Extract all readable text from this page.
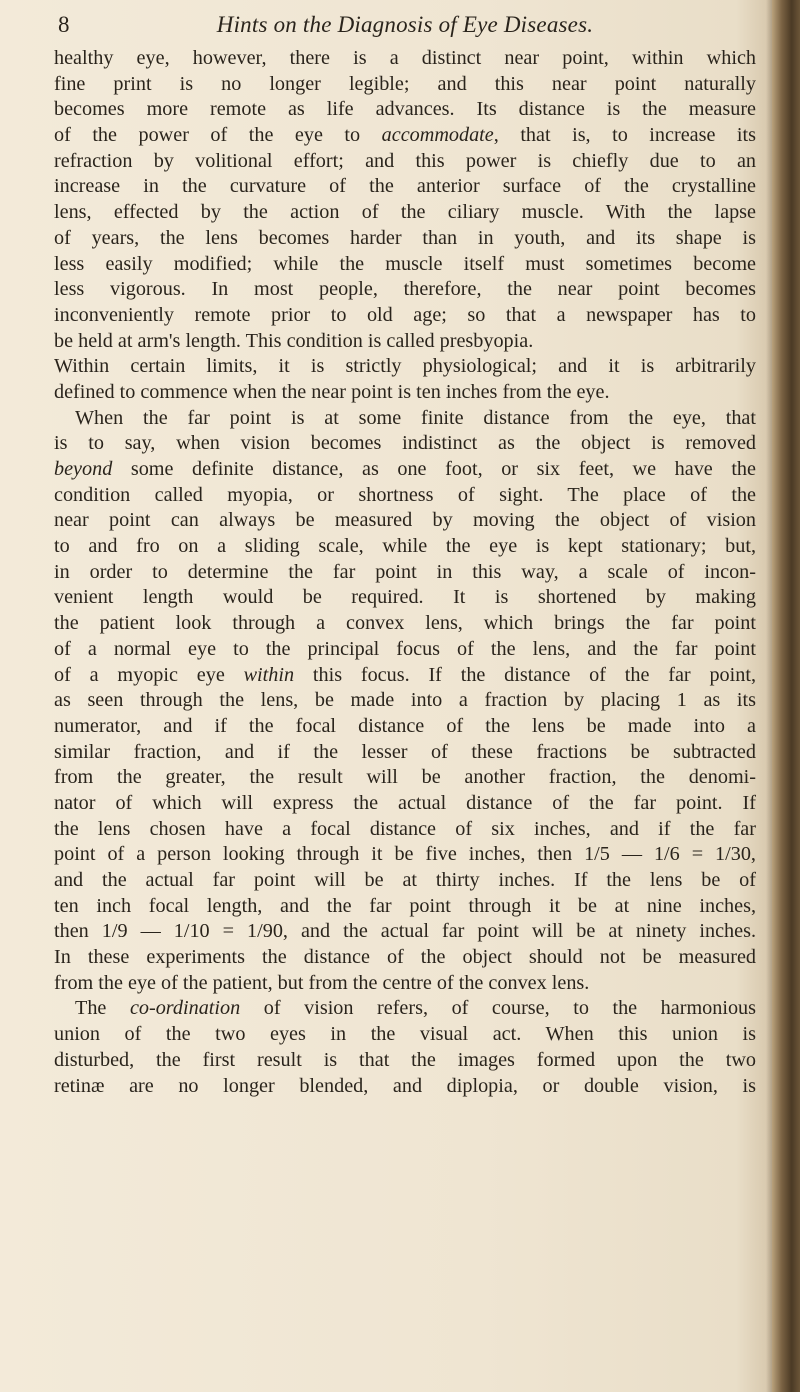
8	Hints on the Diagnosis of Eye Diseases.
healthy eye, however, there is a distinct near point, within which
fine print is no longer legible; and this near point naturally
becomes more remote as life advances. Its distance is the measure
of the power of the eye to accommodate, that is, to increase its
refraction by volitional effort; and this power is chiefly due to an
increase in the curvature of the anterior surface of the crystalline
lens, effected by the action of the ciliary muscle. With the lapse
of years, the lens becomes harder than in youth, and its shape is
less easily modified; while the muscle itself must sometimes become
less vigorous. In most people, therefore, the near point becomes
inconveniently remote prior to old age; so that a newspaper has to
be held at arm's length. This condition is called presbyopia.
Within certain limits, it is strictly physiological; and it is arbitrarily
defined to commence when the near point is ten inches from the eye.
When the far point is at some finite distance from the eye, that
is to say, when vision becomes indistinct as the object is removed
beyond some definite distance, as one foot, or six feet, we have the
condition called myopia, or shortness of sight. The place of the
near point can always be measured by moving the object of vision
to and fro on a sliding scale, while the eye is kept stationary; but,
in order to determine the far point in this way, a scale of incon-
venient length would be required. It is shortened by making
the patient look through a convex lens, which brings the far point
of a normal eye to the principal focus of the lens, and the far point
of a myopic eye within this focus. If the distance of the far point,
as seen through the lens, be made into a fraction by placing 1 as its
numerator, and if the focal distance of the lens be made into a
similar fraction, and if the lesser of these fractions be subtracted
from the greater, the result will be another fraction, the denomi-
nator of which will express the actual distance of the far point. If
the lens chosen have a focal distance of six inches, and if the far
point of a person looking through it be five inches, then 1/5 — 1/6 = 1/30,
and the actual far point will be at thirty inches. If the lens be of
ten inch focal length, and the far point through it be at nine inches,
then 1/9 — 1/10 = 1/90, and the actual far point will be at ninety inches.
In these experiments the distance of the object should not be measured
from the eye of the patient, but from the centre of the convex lens.
The co-ordination of vision refers, of course, to the harmonious
union of the two eyes in the visual act. When this union is
disturbed, the first result is that the images formed upon the two
retinæ are no longer blended, and diplopia, or double vision, is
